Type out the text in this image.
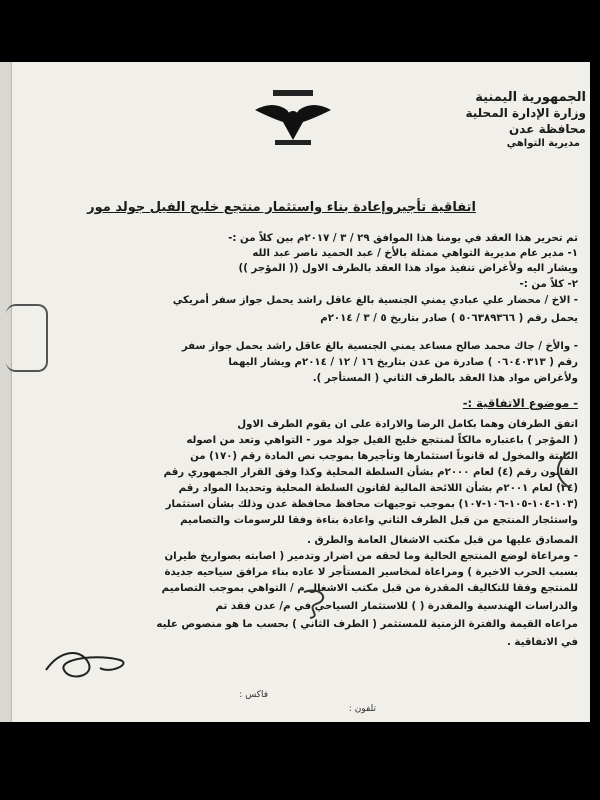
الجمهورية اليمنية
وزارة الإدارة المحلية
محافظة عدن
مديرية التواهي
اتفاقية تأجيروإعادة بناء واستثمار منتجع خليج الفيل جولد مور
تم تحرير هذا العقد في يومنا هذا الموافق ٢٩ / ٣ / ٢٠١٧م بين كلاً من :-
١- مدير عام مديرية التواهي ممثلة بالأخ / عبد الحميد ناصر عبد الله
ويشار اليه ولأغراض تنفيذ مواد هذا العقد بالطرف الاول (( المؤجر ))
٢- كلاً من :-
- الاخ / محضار علي عبادي يمني الجنسية بالغ عاقل راشد يحمل جواز سفر أمريكي
يحمل رقم ( ٥٠٦٣٨٩٣٦٦ ) صادر بتاريخ ٥ / ٣ / ٢٠١٤م
- والأخ / جاك محمد صالح مساعد يمني الجنسية بالغ عاقل راشد يحمل جواز سفر
رقم ( ٠٦٠٤٠٣١٣ ) صادرة من عدن بتاريخ ١٦ / ١٢ / ٢٠١٤م ويشار اليهما
ولأغراض مواد هذا العقد بالطرف الثاني ( المستأجر ).
- موضوع الاتفاقية :-
اتفق الطرفان وهما بكامل الرضا والارادة على ان يقوم الطرف الاول
( المؤجر ) باعتباره مالكاً لمنتجع خليج الفيل جولد مور - التواهي وتعد من اصوله
الثابتة والمخول له قانوناً استثمارها وتأجيرها بموجب نص المادة رقم (١٧٠) من
القانون رقم (٤) لعام ٢٠٠٠م بشأن السلطة المحلية وكذا وفق القرار الجمهوري رقم
(٢٤) لعام ٢٠٠١م بشأن اللائحة المالية لقانون السلطة المحلية وتحديدا المواد رقم
(١٠٣-١٠٤-١٠٥-١٠٦-١٠٧) بموجب توجيهات محافظ محافظة عدن وذلك بشأن استثمار
واستئجار المنتجع من قبل الطرف الثاني واعادة بناءة وفقا للرسومات والتصاميم
المصادق عليها من قبل مكتب الاشغال العامة والطرق .
- ومراعاة لوضع المنتجع الحالية وما لحقه من اضرار وتدمير ( اصابته بصواريخ طيران
بسبب الحرب الاخيرة ) ومراعاة لمخاسير المستأجر لا عاده بناء مرافق سياحيه جديدة
للمنتجع وفقا للتكاليف المقدرة من قبل مكتب الاشغال م / التواهي بموجب التصاميم
والدراسات الهندسية والمقدرة ( ) للاستثمار السياحي في م/ عدن فقد تم
مراعاه القيمة والفترة الزمنية للمستثمر ( الطرف الثاني ) بحسب ما هو منصوص عليه
في الاتفاقية .
تلفون :
فاكس :
